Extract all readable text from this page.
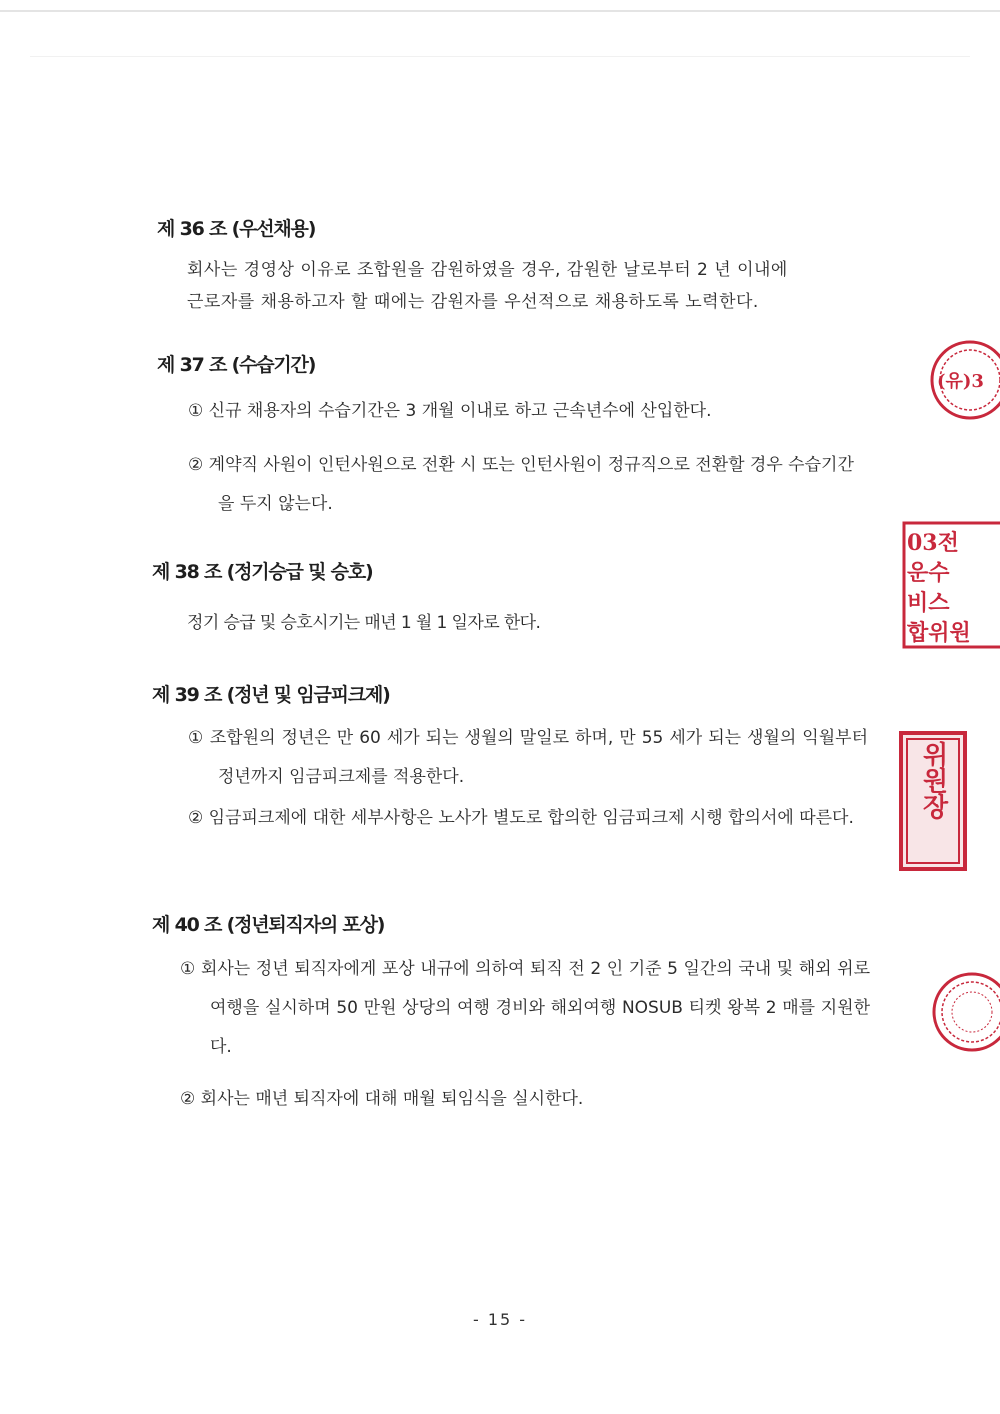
제 36 조 (우선채용)

회사는 경영상 이유로 조합원을 감원하였을 경우, 감원한 날로부터 2 년 이내에

근로자를 채용하고자 할 때에는 감원자를 우선적으로 채용하도록 노력한다.

제 37 조 (수습기간)

① 신규 채용자의 수습기간은 3 개월 이내로 하고 근속년수에 산입한다.

② 계약직 사원이 인턴사원으로 전환 시 또는 인턴사원이 정규직으로 전환할 경우 수습기간을 두지 않는다.

제 38 조 (정기승급 및 승호)

정기 승급 및 승호시기는 매년 1 월 1 일자로 한다.

제 39 조 (정년 및 임금피크제)

① 조합원의 정년은 만 60 세가 되는 생월의 말일로 하며, 만 55 세가 되는 생월의 익월부터 정년까지 임금피크제를 적용한다.

② 임금피크제에 대한 세부사항은 노사가 별도로 합의한 임금피크제 시행 합의서에 따른다.

제 40 조 (정년퇴직자의 포상)

① 회사는 정년 퇴직자에게 포상 내규에 의하여 퇴직 전 2 인 기준 5 일간의 국내 및 해외 위로여행을 실시하며 50 만원 상당의 여행 경비와 해외여행 NOSUB 티켓 왕복 2 매를 지원한다.

② 회사는 매년 퇴직자에 대해 매월 퇴임식을 실시한다.

- 15 -
(유)3
03전
운수
비스
합위원
위원장
